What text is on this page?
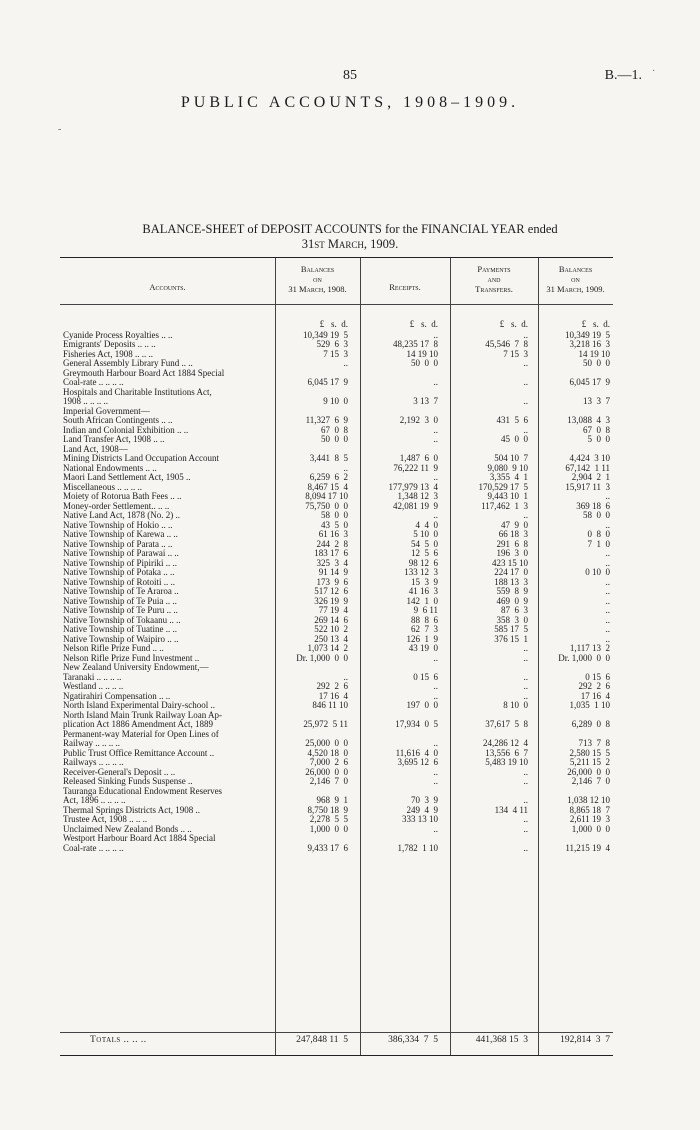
85	B.—1.
PUBLIC ACCOUNTS, 1908–1909.
-
·
BALANCE-SHEET of DEPOSIT ACCOUNTS for the FINANCIAL YEAR ended
31st March, 1909.
Accounts.
Balances
on
31 March, 1908.	Receipts.
Payments
and
Transfers.
Balances
on
31 March, 1909.
£   s.  d.	£   s.  d.	£   s.  d.	£   s.  d.
Cyanide Process Royalties .. ..	10,349 19  5	..	..	10,349 19  5
Emigrants' Deposits .. .. ..	529  6  3	48,235 17  8	45,546  7  8	3,218 16  3
Fisheries Act, 1908 .. .. ..	7 15  3	14 19 10	7 15  3	14 19 10
General Assembly Library Fund .. ..	..	50  0  0	..	50  0  0
Greymouth Harbour Board Act 1884 Special
Coal-rate .. .. .. ..	6,045 17  9	..	..	6,045 17  9
Hospitals and Charitable Institutions Act,
1908 .. .. .. ..	9 10  0	3 13  7	..	13  3  7
Imperial Government—
South African Contingents .. ..	11,327  6  9	2,192  3  0	431  5  6	13,088  4  3
Indian and Colonial Exhibition .. ..	67  0  8	..	..	67  0  8
Land Transfer Act, 1908 .. ..	50  0  0	..	45  0  0	5  0  0
Land Act, 1908—
Mining Districts Land Occupation Account	3,441  8  5	1,487  6  0	504 10  7	4,424  3 10
National Endowments .. ..	..	76,222 11  9	9,080  9 10	67,142  1 11
Maori Land Settlement Act, 1905 ..	6,259  6  2	..	3,355  4  1	2,904  2  1
Miscellaneous .. .. .. ..	8,467 15  4	177,979 13  4	170,529 17  5	15,917 11  3
Moiety of Rotorua Bath Fees .. ..	8,094 17 10	1,348 12  3	9,443 10  1	..
Money-order Settlement.. .. ..	75,750  0  0	42,081 19  9	117,462  1  3	369 18  6
Native Land Act, 1878 (No. 2) ..	58  0  0	..	..	58  0  0
Native Township of Hokio .. ..	43  5  0	4  4  0	47  9  0	..
Native Township of Karewa .. ..	61 16  3	5 10  0	66 18  3	0  8  0
Native Township of Parata .. ..	244  2  8	54  5  0	291  6  8	7  1  0
Native Township of Parawai .. ..	183 17  6	12  5  6	196  3  0	..
Native Township of Pipiriki .. ..	325  3  4	98 12  6	423 15 10	..
Native Township of Potaka .. ..	91 14  9	133 12  3	224 17  0	0 10  0
Native Township of Rotoiti .. ..	173  9  6	15  3  9	188 13  3	..
Native Township of Te Araroa ..	517 12  6	41 16  3	559  8  9	..
Native Township of Te Puia .. ..	326 19  9	142  1  0	469  0  9	..
Native Township of Te Puru .. ..	77 19  4	9  6 11	87  6  3	..
Native Township of Tokaanu .. ..	269 14  6	88  8  6	358  3  0	..
Native Township of Tuatine .. ..	522 10  2	62  7  3	585 17  5	..
Native Township of Waipiro .. ..	250 13  4	126  1  9	376 15  1	..
Nelson Rifle Prize Fund .. ..	1,073 14  2	43 19  0	..	1,117 13  2
Nelson Rifle Prize Fund Investment ..	Dr. 1,000  0  0	..	..	Dr. 1,000  0  0
New Zealand University Endowment,—
Taranaki .. .. .. ..	..	0 15  6	..	0 15  6
Westland .. .. .. ..	292  2  6	..	..	292  2  6
Ngatirahiri Compensation .. ..	17 16  4	..	..	17 16  4
North Island Experimental Dairy-school ..	846 11 10	197  0  0	8 10  0	1,035  1 10
North Island Main Trunk Railway Loan Ap-
plication Act 1886 Amendment Act, 1889	25,972  5 11	17,934  0  5	37,617  5  8	6,289  0  8
Permanent-way Material for Open Lines of
Railway .. .. .. ..	25,000  0  0	..	24,286 12  4	713  7  8
Public Trust Office Remittance Account ..	4,520 18  0	11,616  4  0	13,556  6  7	2,580 15  5
Railways .. .. .. ..	7,000  2  6	3,695 12  6	5,483 19 10	5,211 15  2
Receiver-General's Deposit .. ..	26,000  0  0	..	..	26,000  0  0
Released Sinking Funds Suspense ..	2,146  7  0	..	..	2,146  7  0
Tauranga Educational Endowment Reserves
Act, 1896 .. .. .. ..	968  9  1	70  3  9	..	1,038 12 10
Thermal Springs Districts Act, 1908 ..	8,750 18  9	249  4  9	134  4 11	8,865 18  7
Trustee Act, 1908 .. .. ..	2,278  5  5	333 13 10	..	2,611 19  3
Unclaimed New Zealand Bonds .. ..	1,000  0  0	..	..	1,000  0  0
Westport Harbour Board Act 1884 Special
Coal-rate .. .. .. ..	9,433 17  6	1,782  1 10	..	11,215 19  4
Totals .. .. ..	247,848 11  5	386,334  7  5	441,368 15  3	192,814  3  7
